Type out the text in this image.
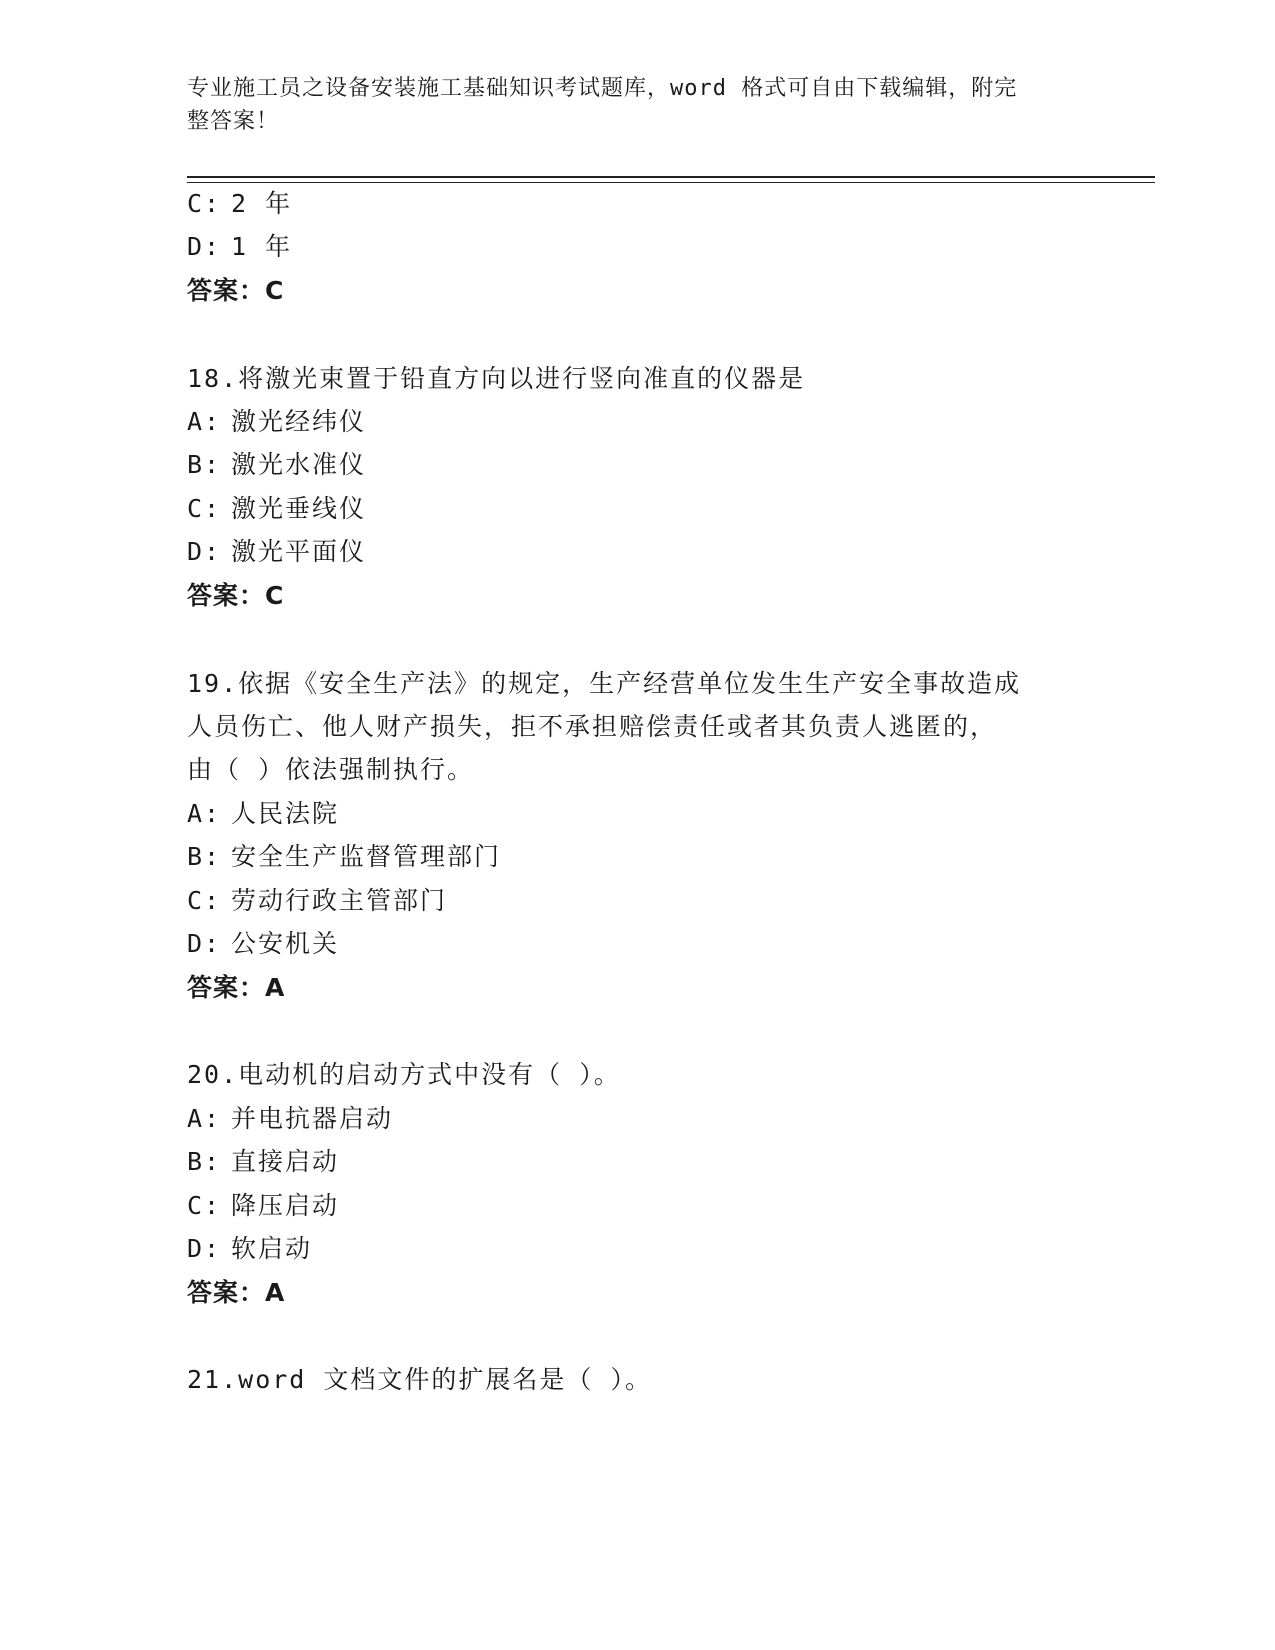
专业施工员之设备安装施工基础知识考试题库，word 格式可自由下载编辑，附完
整答案！
C: 2 年
D: 1 年
答案：C
18.将激光束置于铅直方向以进行竖向准直的仪器是
A: 激光经纬仪
B: 激光水准仪
C: 激光垂线仪
D: 激光平面仪
答案：C
19.依据《安全生产法》的规定，生产经营单位发生生产安全事故造成
人员伤亡、他人财产损失，拒不承担赔偿责任或者其负责人逃匿的，
由（ ）依法强制执行。
A: 人民法院
B: 安全生产监督管理部门
C: 劳动行政主管部门
D: 公安机关
答案：A
20.电动机的启动方式中没有（ ）。
A: 并电抗器启动
B: 直接启动
C: 降压启动
D: 软启动
答案：A
21.word 文档文件的扩展名是（ ）。
